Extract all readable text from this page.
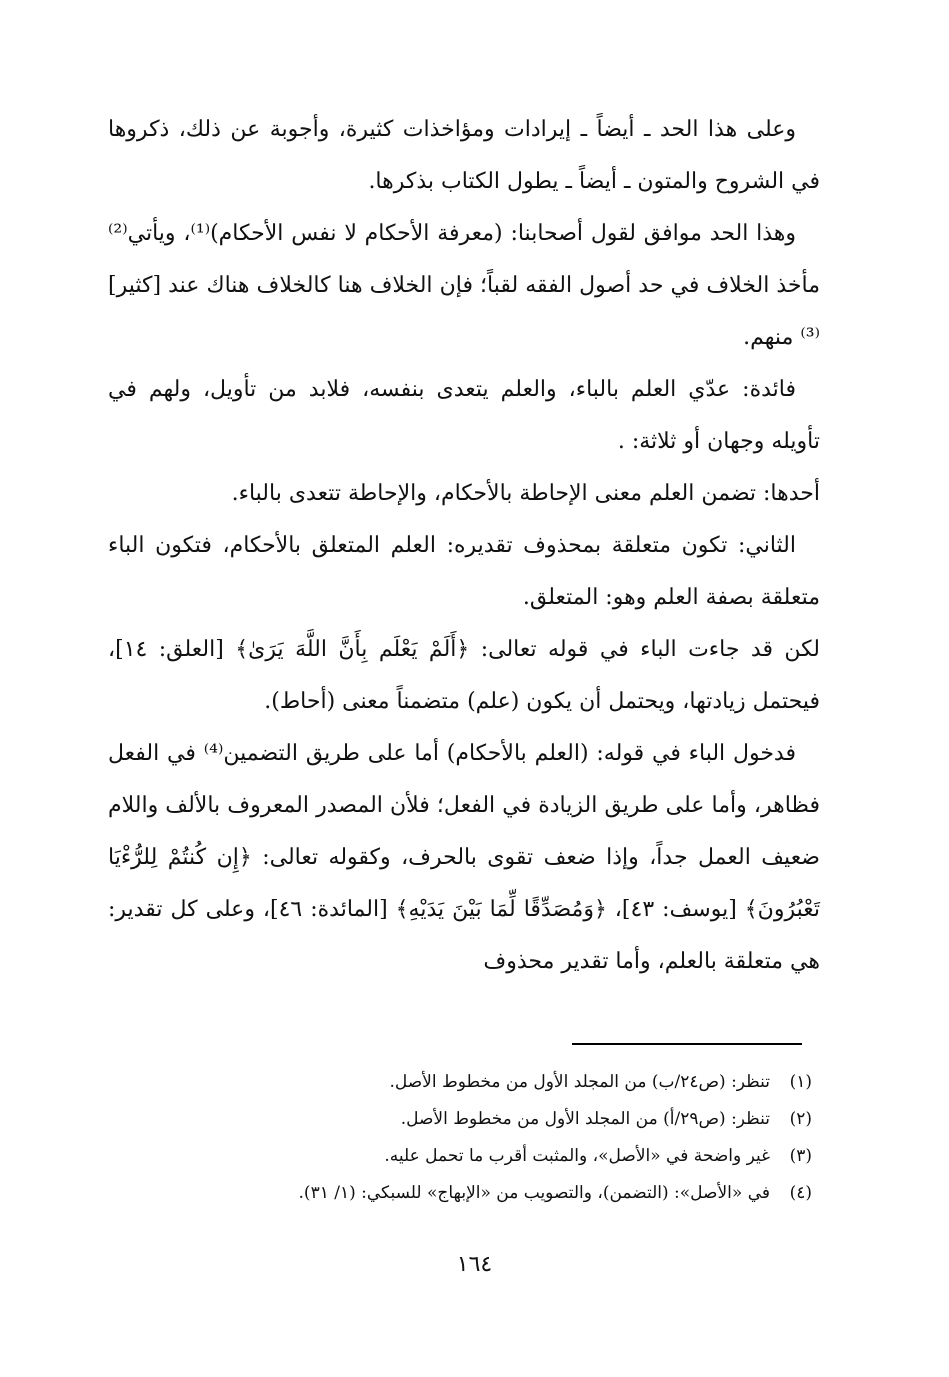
وعلى هذا الحد ـ أيضاً ـ إيرادات ومؤاخذات كثيرة، وأجوبة عن ذلك، ذكروها في الشروح والمتون ـ أيضاً ـ يطول الكتاب بذكرها.

وهذا الحد موافق لقول أصحابنا: (معرفة الأحكام لا نفس الأحكام)⁽¹⁾، ويأتي⁽²⁾ مأخذ الخلاف في حد أصول الفقه لقباً؛ فإن الخلاف هنا كالخلاف هناك عند [كثير]⁽³⁾ منهم.

فائدة: عدّي العلم بالباء، والعلم يتعدى بنفسه، فلابد من تأويل، ولهم في تأويله وجهان أو ثلاثة: .

أحدها: تضمن العلم معنى الإحاطة بالأحكام، والإحاطة تتعدى بالباء.

الثاني: تكون متعلقة بمحذوف تقديره: العلم المتعلق بالأحكام، فتكون الباء متعلقة بصفة العلم وهو: المتعلق.

لكن قد جاءت الباء في قوله تعالى: ﴿أَلَمْ يَعْلَم بِأَنَّ اللَّهَ يَرَىٰ﴾ [العلق: ١٤]، فيحتمل زيادتها، ويحتمل أن يكون (علم) متضمناً معنى (أحاط).

فدخول الباء في قوله: (العلم بالأحكام) أما على طريق التضمين⁽⁴⁾ في الفعل فظاهر، وأما على طريق الزيادة في الفعل؛ فلأن المصدر المعروف بالألف واللام ضعيف العمل جداً، وإذا ضعف تقوى بالحرف، وكقوله تعالى: ﴿إِن كُنتُمْ لِلرُّءْيَا تَعْبُرُونَ﴾ [يوسف: ٤٣]، ﴿وَمُصَدِّقًا لِّمَا بَيْنَ يَدَيْهِ﴾ [المائدة: ٤٦]، وعلى كل تقدير: هي متعلقة بالعلم، وأما تقدير محذوف

(١)تنظر: (ص٢٤/ب) من المجلد الأول من مخطوط الأصل.

(٢)تنظر: (ص٢٩/أ) من المجلد الأول من مخطوط الأصل.

(٣)غير واضحة في «الأصل»، والمثبت أقرب ما تحمل عليه.

(٤)في «الأصل»: (التضمن)، والتصويب من «الإبهاج» للسبكي: (١/ ٣١).

١٦٤
